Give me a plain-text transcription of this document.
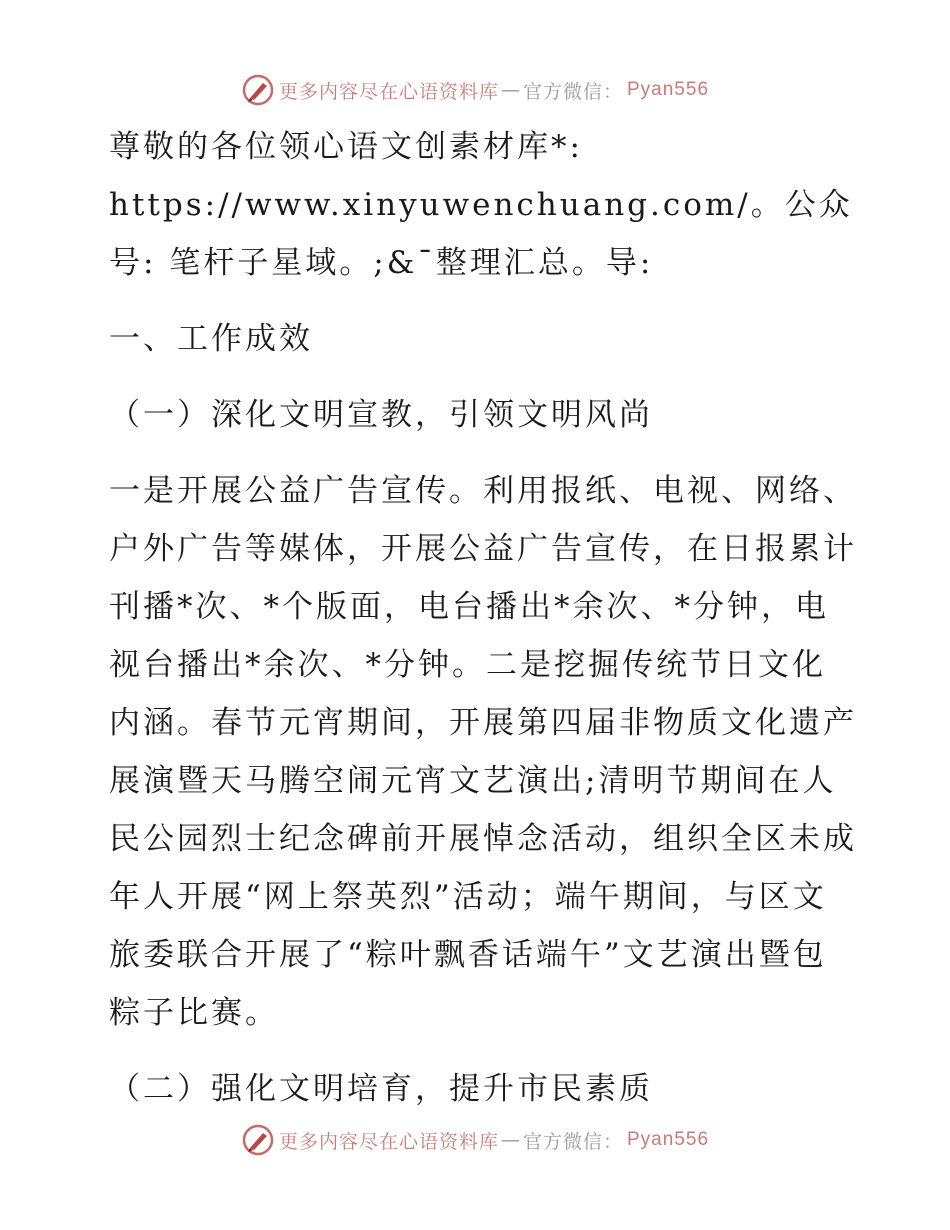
更多内容尽在心语资料库 — 官方微信： Pyan556

尊敬的各位领心语文创素材库*: https://www.xinyuwenchuang.com/。公众号: 笔杆子星域。;&¯整理汇总。导:

一、工作成效

（一）深化文明宣教，引领文明风尚

一是开展公益广告宣传。利用报纸、电视、网络、户外广告等媒体，开展公益广告宣传，在日报累计刊播*次、*个版面，电台播出*余次、*分钟，电视台播出*余次、*分钟。二是挖掘传统节日文化内涵。春节元宵期间，开展第四届非物质文化遗产展演暨天马腾空闹元宵文艺演出;清明节期间在人民公园烈士纪念碑前开展悼念活动，组织全区未成年人开展“网上祭英烈”活动；端午期间，与区文旅委联合开展了“粽叶飘香话端午”文艺演出暨包粽子比赛。

（二）强化文明培育，提升市民素质

更多内容尽在心语资料库 — 官方微信： Pyan556
